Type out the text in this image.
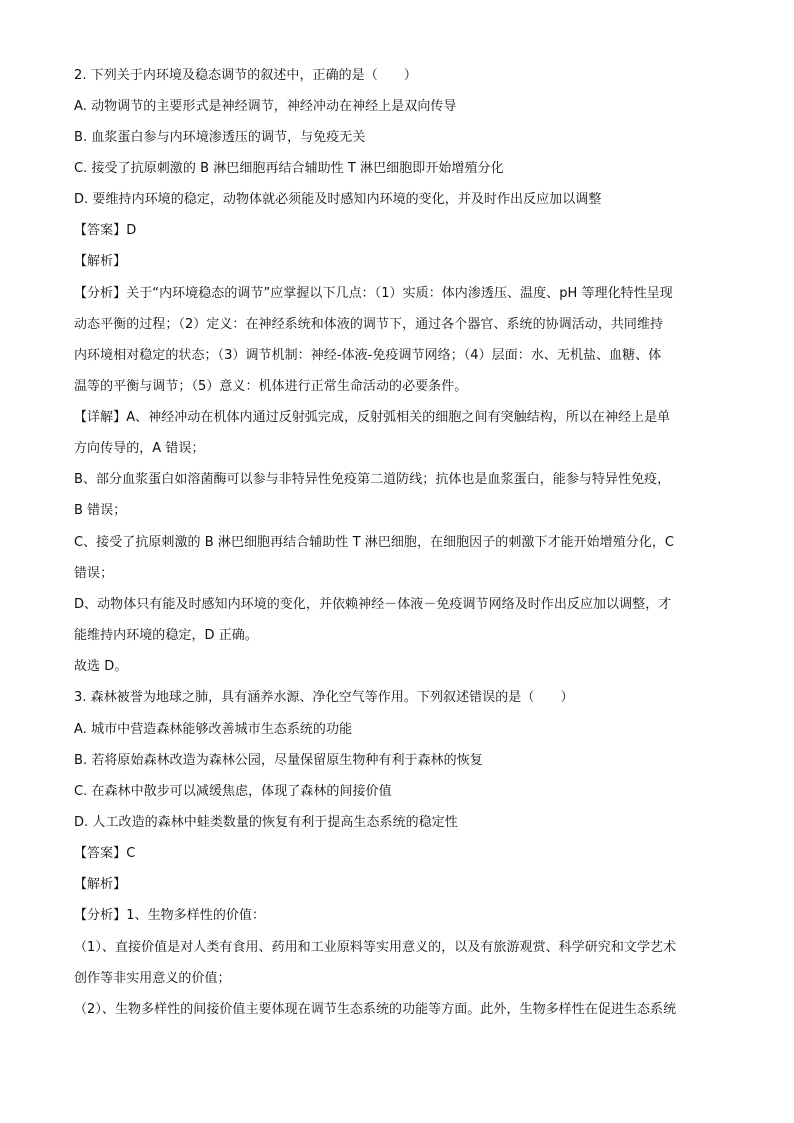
2. 下列关于内环境及稳态调节的叙述中，正确的是（　　）
A. 动物调节的主要形式是神经调节，神经冲动在神经上是双向传导
B. 血浆蛋白参与内环境渗透压的调节，与免疫无关
C. 接受了抗原刺激的 B 淋巴细胞再结合辅助性 T 淋巴细胞即开始增殖分化
D. 要维持内环境的稳定，动物体就必须能及时感知内环境的变化，并及时作出反应加以调整
【答案】D
【解析】
【分析】关于“内环境稳态的调节”应掌握以下几点：（1）实质：体内渗透压、温度、pH 等理化特性呈现
动态平衡的过程；（2）定义：在神经系统和体液的调节下，通过各个器官、系统的协调活动，共同维持
内环境相对稳定的状态；（3）调节机制：神经-体液-免疫调节网络；（4）层面：水、无机盐、血糖、体
温等的平衡与调节；（5）意义：机体进行正常生命活动的必要条件。
【详解】A、神经冲动在机体内通过反射弧完成，反射弧相关的细胞之间有突触结构，所以在神经上是单
方向传导的，A 错误；
B、部分血浆蛋白如溶菌酶可以参与非特异性免疫第二道防线；抗体也是血浆蛋白，能参与特异性免疫，
B 错误；
C、接受了抗原刺激的 B 淋巴细胞再结合辅助性 T 淋巴细胞，在细胞因子的刺激下才能开始增殖分化，C
错误；
D、动物体只有能及时感知内环境的变化，并依赖神经－体液－免疫调节网络及时作出反应加以调整，才
能维持内环境的稳定，D 正确。
故选 D。
3. 森林被誉为地球之肺，具有涵养水源、净化空气等作用。下列叙述错误的是（　　）
A. 城市中营造森林能够改善城市生态系统的功能
B. 若将原始森林改造为森林公园，尽量保留原生物种有利于森林的恢复
C. 在森林中散步可以减缓焦虑，体现了森林的间接价值
D. 人工改造的森林中蛙类数量的恢复有利于提高生态系统的稳定性
【答案】C
【解析】
【分析】1、生物多样性的价值：
（1）、直接价值是对人类有食用、药用和工业原料等实用意义的，以及有旅游观赏、科学研究和文学艺术
创作等非实用意义的价值；
（2）、生物多样性的间接价值主要体现在调节生态系统的功能等方面。此外，生物多样性在促进生态系统
